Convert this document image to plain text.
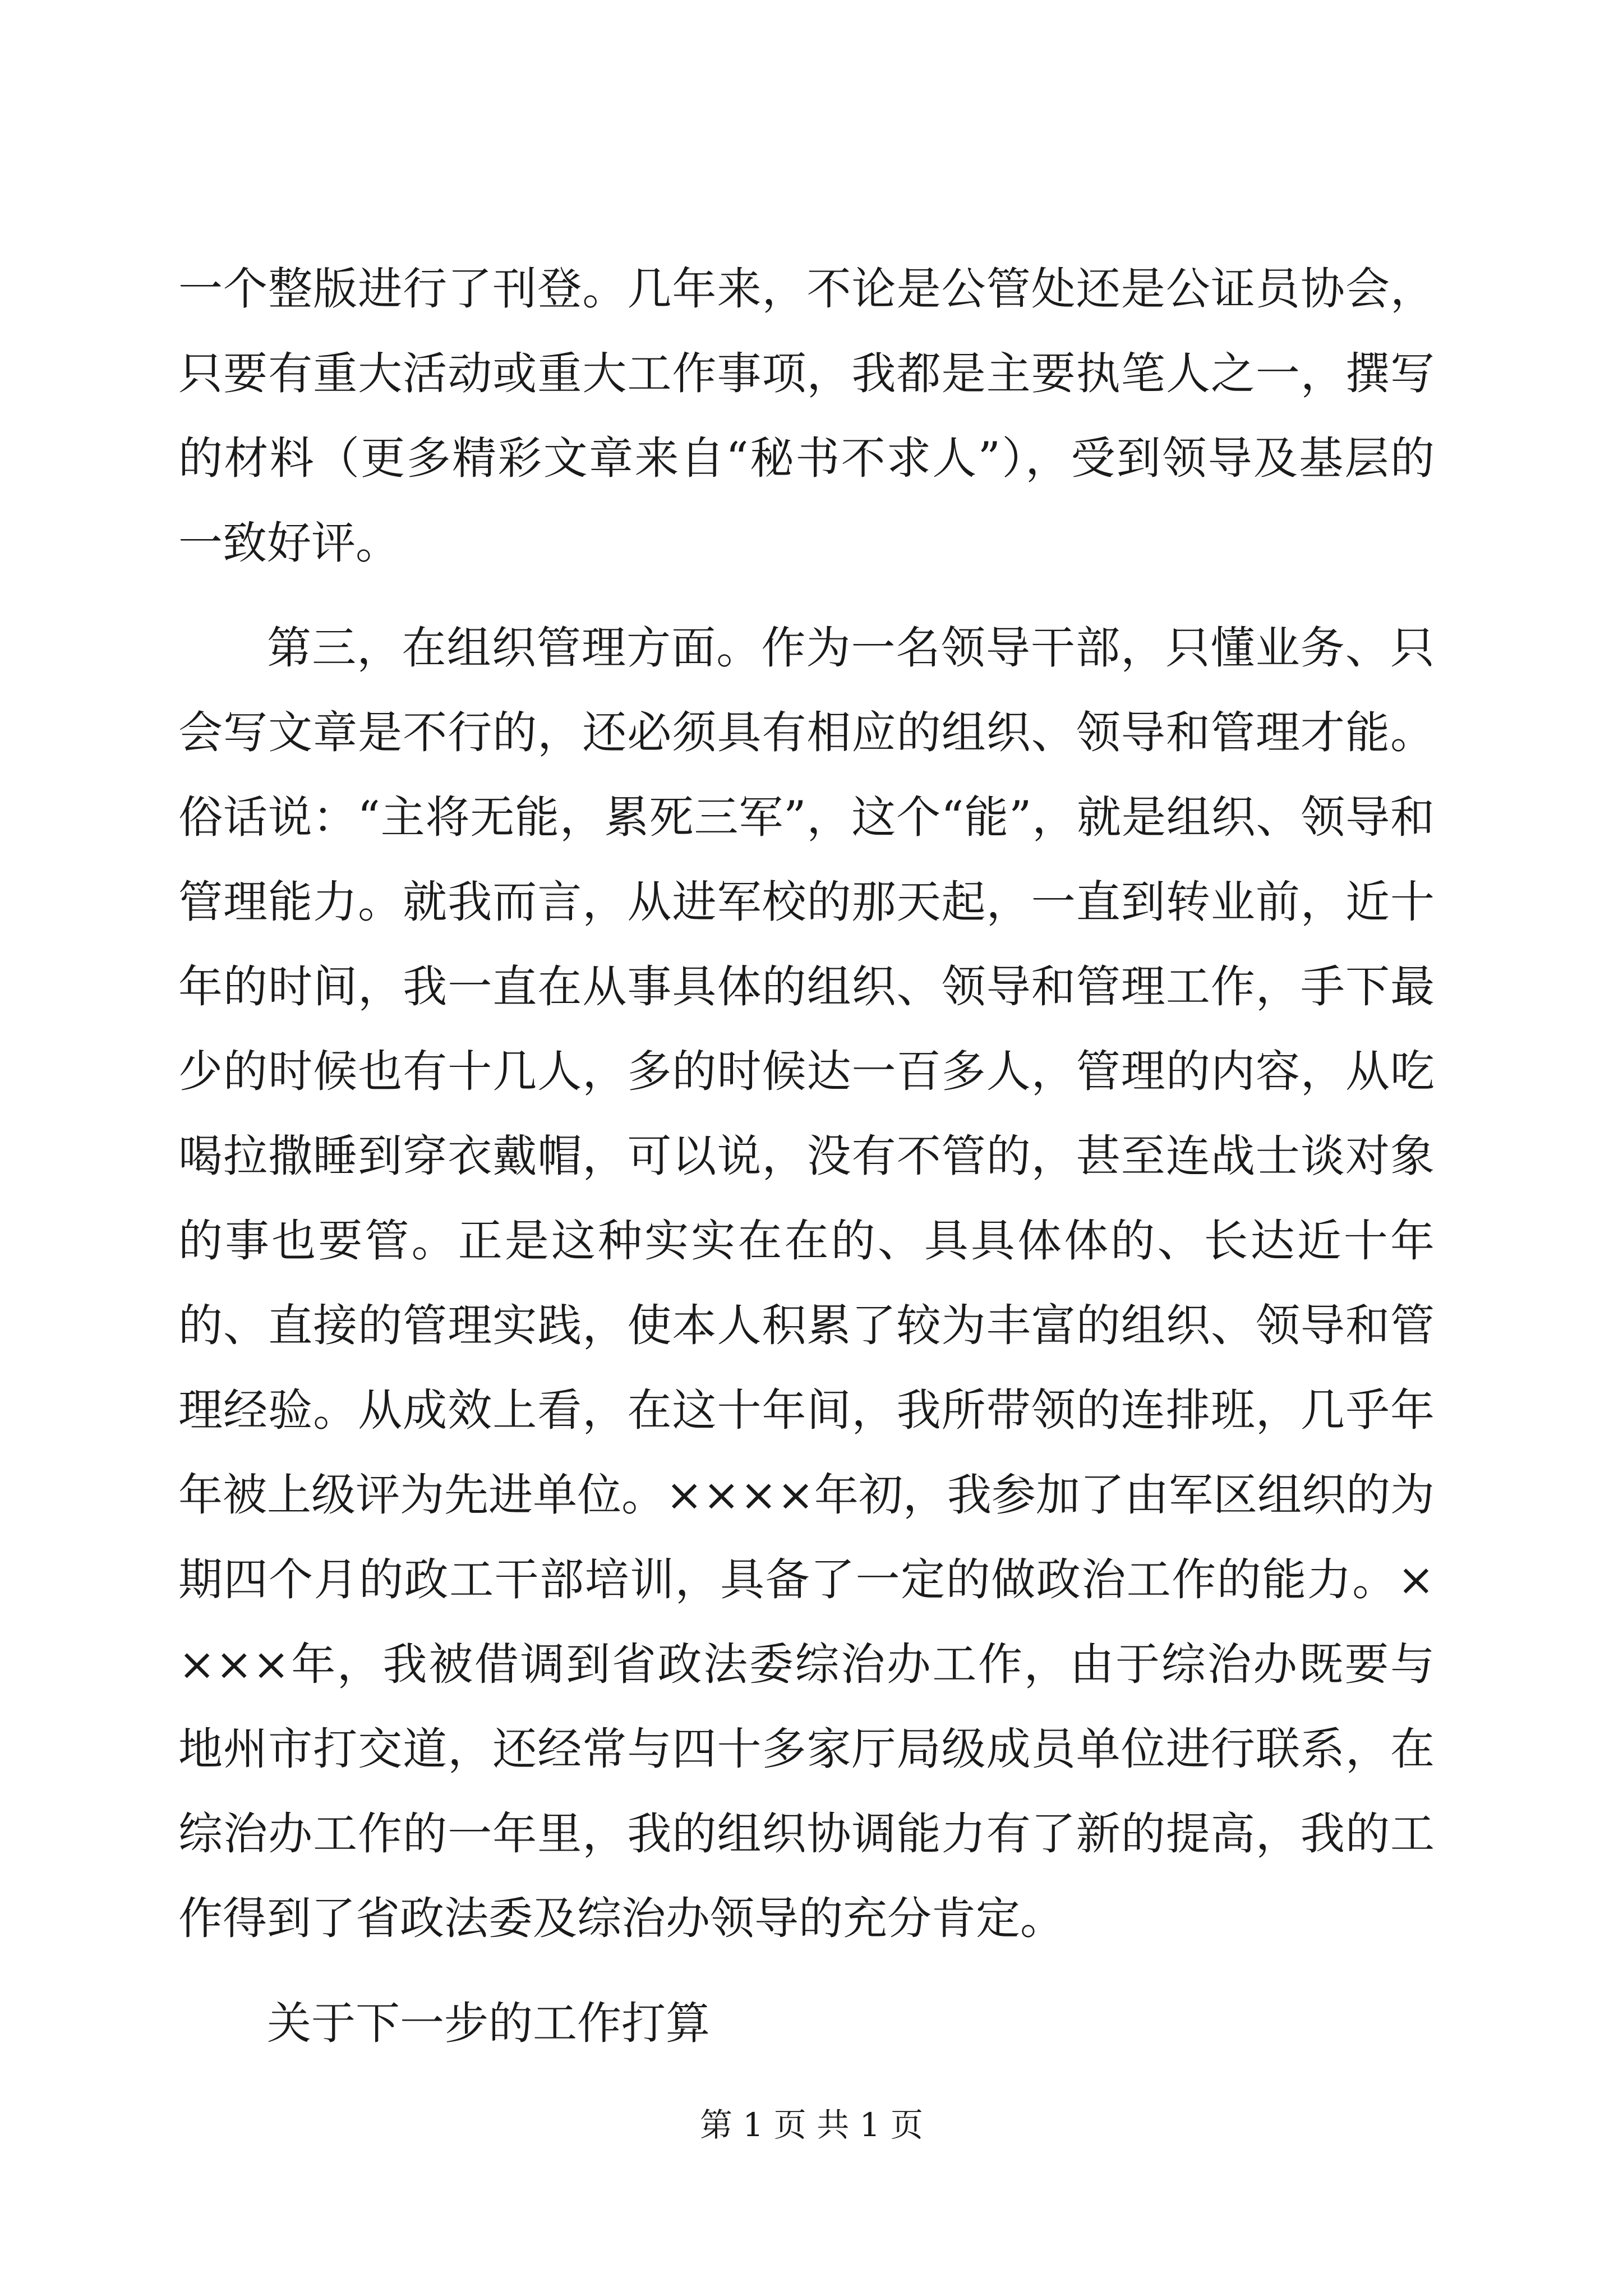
一个整版进行了刊登。几年来，不论是公管处还是公证员协会，只要有重大活动或重大工作事项，我都是主要执笔人之一，撰写的材料（更多精彩文章来自“秘书不求人”），受到领导及基层的一致好评。

第三，在组织管理方面。作为一名领导干部，只懂业务、只会写文章是不行的，还必须具有相应的组织、领导和管理才能。俗话说：“主将无能，累死三军”，这个“能”，就是组织、领导和管理能力。就我而言，从进军校的那天起，一直到转业前，近十年的时间，我一直在从事具体的组织、领导和管理工作，手下最少的时候也有十几人，多的时候达一百多人，管理的内容，从吃喝拉撒睡到穿衣戴帽，可以说，没有不管的，甚至连战士谈对象的事也要管。正是这种实实在在的、具具体体的、长达近十年的、直接的管理实践，使本人积累了较为丰富的组织、领导和管理经验。从成效上看，在这十年间，我所带领的连排班，几乎年年被上级评为先进单位。××××年初，我参加了由军区组织的为期四个月的政工干部培训，具备了一定的做政治工作的能力。××××年，我被借调到省政法委综治办工作，由于综治办既要与地州市打交道，还经常与四十多家厅局级成员单位进行联系，在综治办工作的一年里，我的组织协调能力有了新的提高，我的工作得到了省政法委及综治办领导的充分肯定。

关于下一步的工作打算

第 1 页 共 1 页
